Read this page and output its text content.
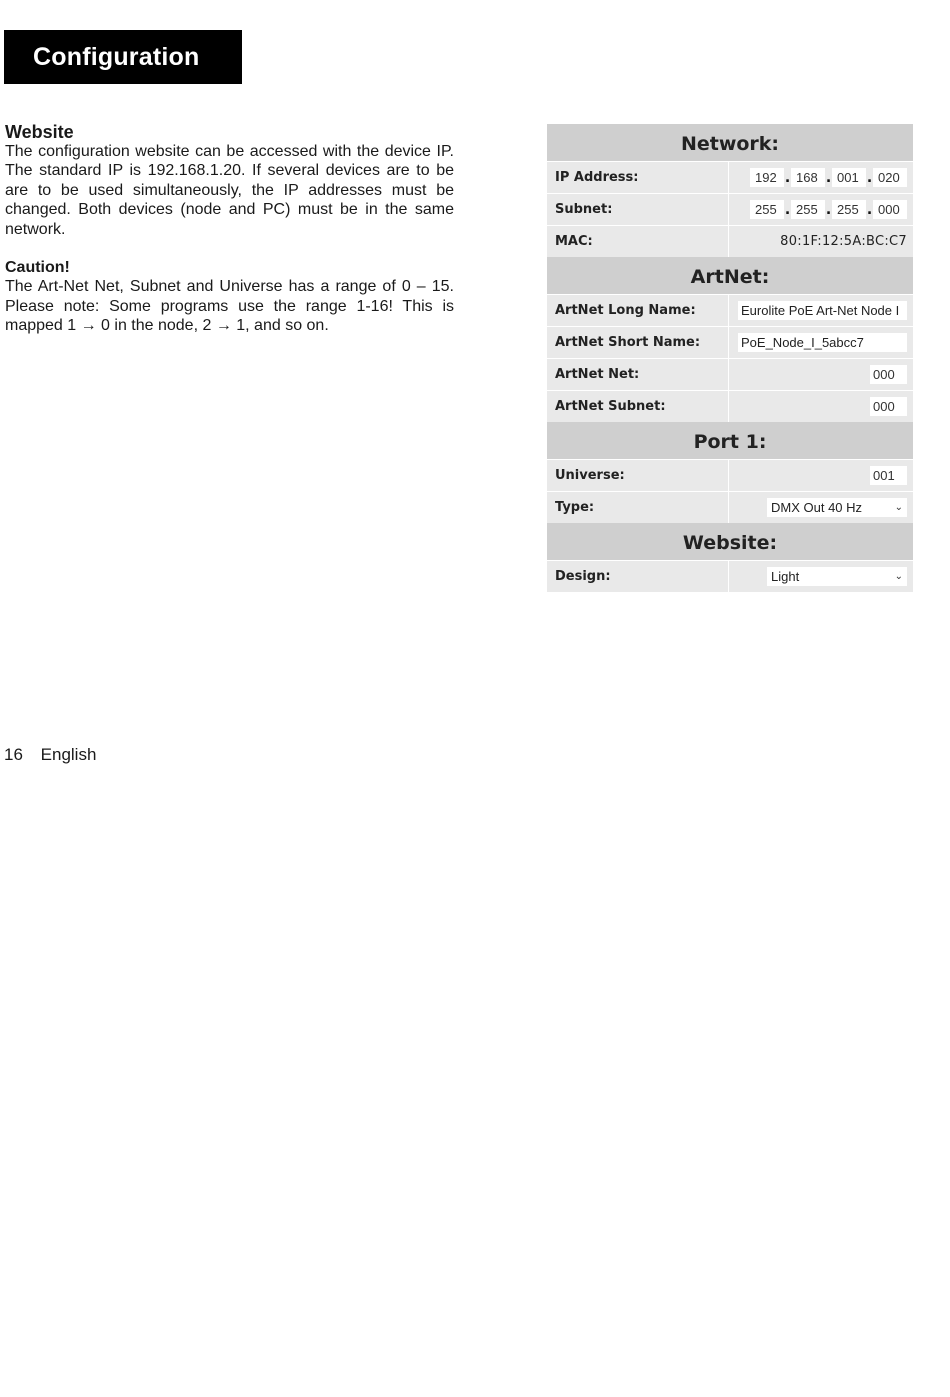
Configuration

Website

The configuration website can be accessed with the device IP. The standard IP is 192.168.1.20. If several devices are to be are to be used simultaneously, the IP addresses must be changed. Both devices (node and PC) must be in the same network.

Caution!

The Art-Net Net, Subnet and Universe has a range of 0 – 15. Please note: Some programs use the range 1-16! This is mapped 1 → 0 in the node, 2 → 1, and so on.

Network:
IP Address:	192 . 168 . 001 . 020
Subnet:	255 . 255 . 255 . 000
MAC:	80:1F:12:5A:BC:C7
ArtNet:
ArtNet Long Name:	Eurolite PoE Art-Net Node I
ArtNet Short Name:	PoE_Node_I_5abcc7
ArtNet Net:	000
ArtNet Subnet:	000
Port 1:
Universe:	001
Type:	DMX Out 40 Hz	⌄
Website:
Design:	Light	⌄
16 English
